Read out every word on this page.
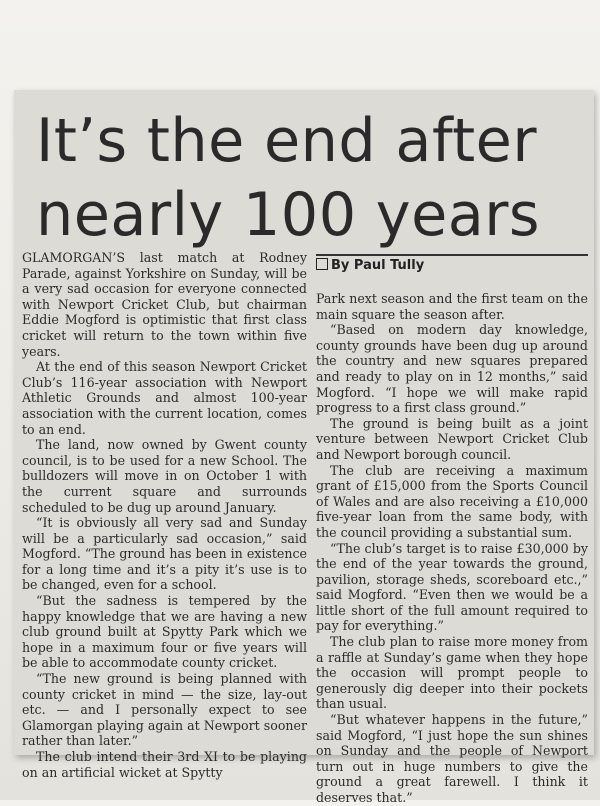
It’s the end after
nearly 100 years

GLAMORGAN’S last match at Rodney Parade, against Yorkshire on Sunday, will be a very sad occasion for everyone connected with Newport Cricket Club, but chairman Eddie Mogford is optimistic that first class cricket will return to the town within five years.

At the end of this season Newport Cricket Club’s 116-year association with Newport Athletic Grounds and almost 100-year association with the current location, comes to an end.

The land, now owned by Gwent county council, is to be used for a new School. The bulldozers will move in on October 1 with the current square and surrounds scheduled to be dug up around January.

“It is obviously all very sad and Sunday will be a particularly sad occasion,” said Mogford. “The ground has been in existence for a long time and it’s a pity it’s use is to be changed, even for a school.

“But the sadness is tempered by the happy knowledge that we are having a new club ground built at Spytty Park which we hope in a maximum four or five years will be able to accommodate county cricket.

“The new ground is being planned with county cricket in mind — the size, lay-out etc. — and I personally expect to see Glamorgan playing again at Newport sooner rather than later.”

The club intend their 3rd XI to be playing on an artificial wicket at Spytty

By Paul Tully

Park next season and the first team on the main square the season after.

“Based on modern day knowledge, county grounds have been dug up around the country and new squares prepared and ready to play on in 12 months,” said Mogford. “I hope we will make rapid progress to a first class ground.”

The ground is being built as a joint venture between Newport Cricket Club and Newport borough council.

The club are receiving a maximum grant of £15,000 from the Sports Council of Wales and are also receiving a £10,000 five-year loan from the same body, with the council providing a substantial sum.

“The club’s target is to raise £30,000 by the end of the year towards the ground, pavilion, storage sheds, scoreboard etc.,” said Mogford. “Even then we would be a little short of the full amount required to pay for everything.”

The club plan to raise more money from a raffle at Sunday’s game when they hope the occasion will prompt people to generously dig deeper into their pockets than usual.

“But whatever happens in the future,” said Mogford, “I just hope the sun shines on Sunday and the people of Newport turn out in huge numbers to give the ground a great farewell. I think it deserves that.”
